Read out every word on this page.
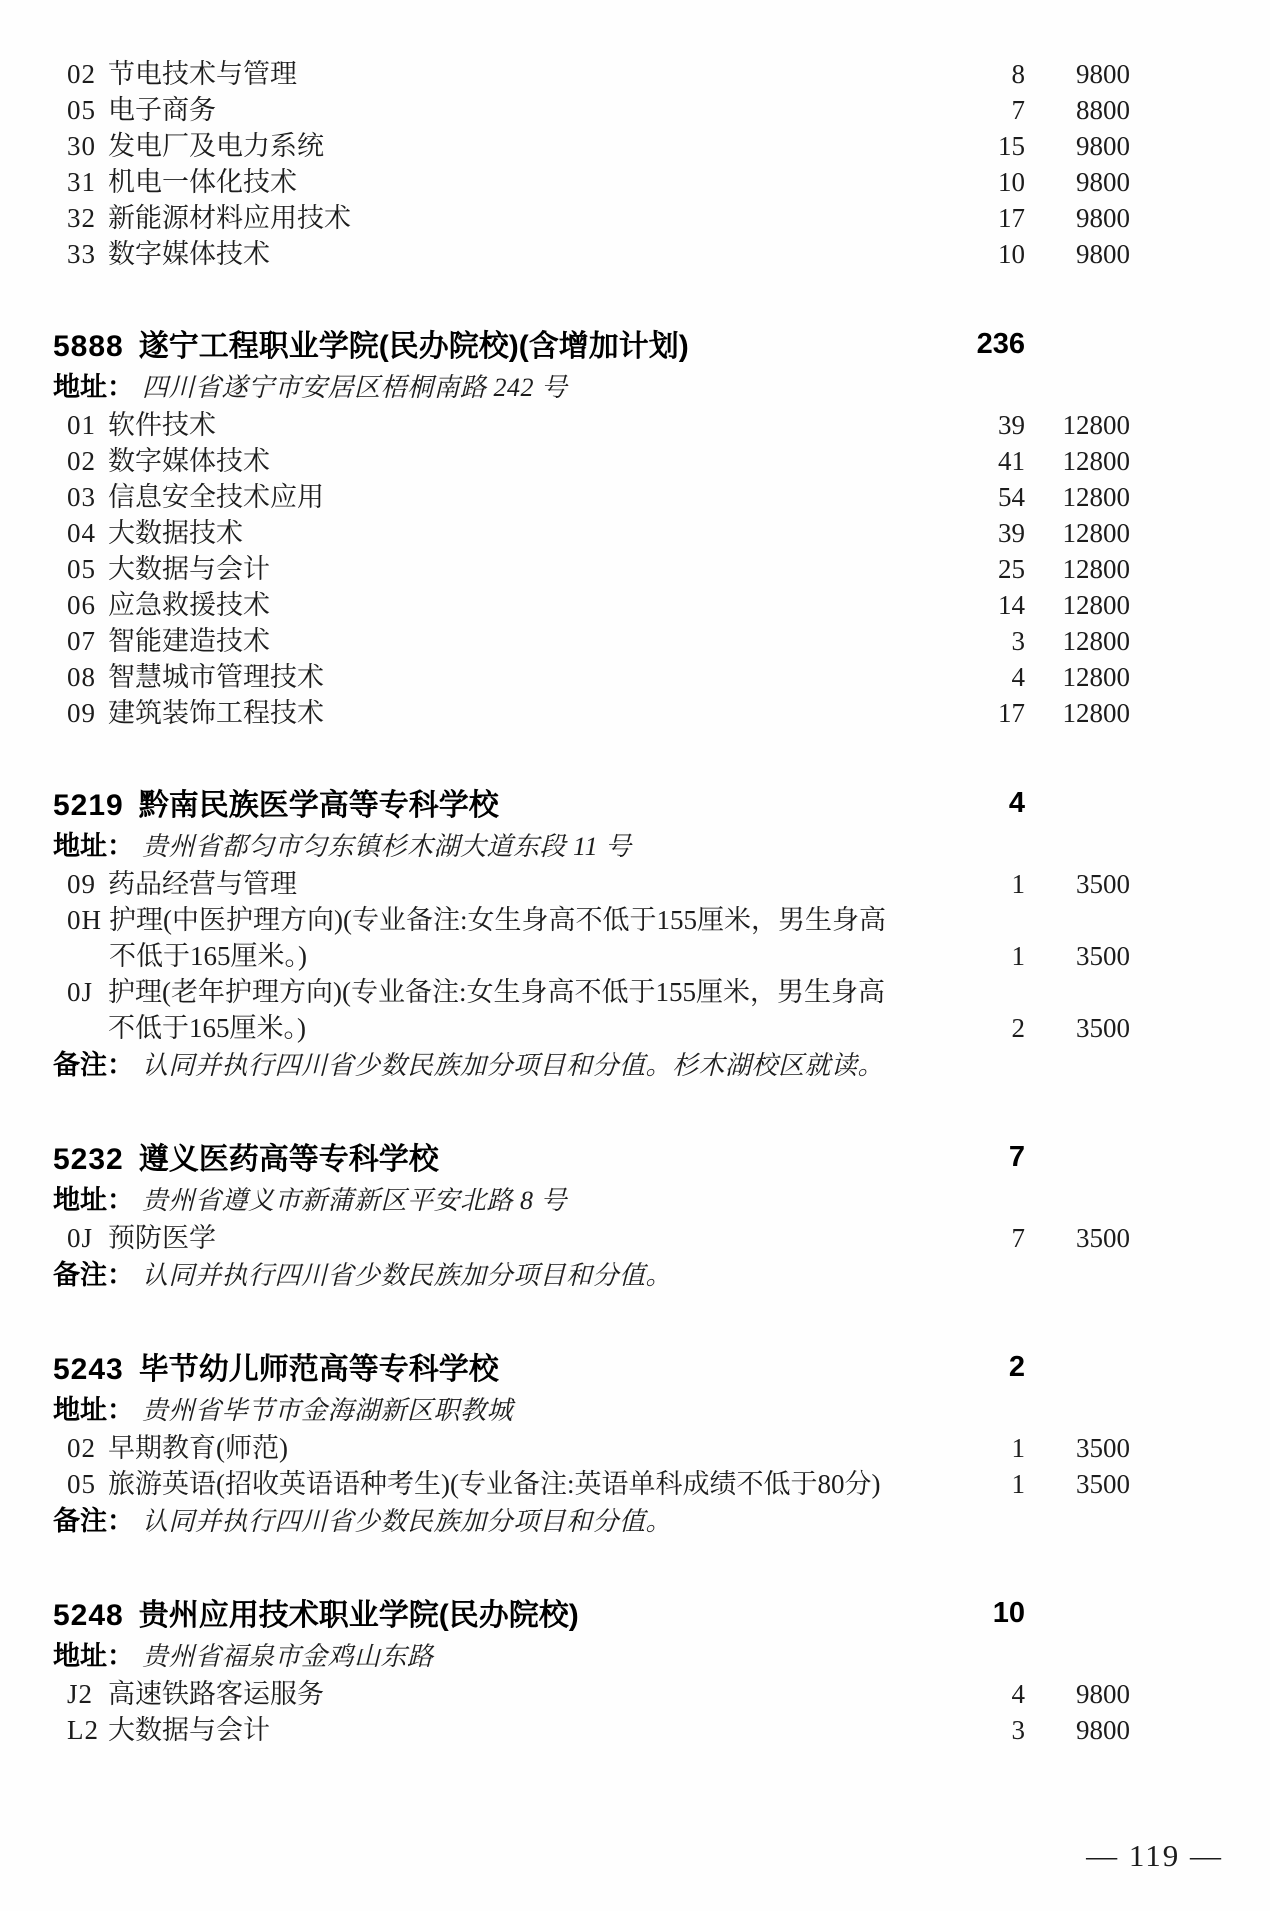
02 节电技术与管理	8	9800
05 电子商务	7	8800
30 发电厂及电力系统	15	9800
31 机电一体化技术	10	9800
32 新能源材料应用技术	17	9800
33 数字媒体技术	10	9800
5888 遂宁工程职业学院(民办院校)(含增加计划)	236
地址： 四川省遂宁市安居区梧桐南路 242 号
01 软件技术	39	12800
02 数字媒体技术	41	12800
03 信息安全技术应用	54	12800
04 大数据技术	39	12800
05 大数据与会计	25	12800
06 应急救援技术	14	12800
07 智能建造技术	3	12800
08 智慧城市管理技术	4	12800
09 建筑装饰工程技术	17	12800
5219 黔南民族医学高等专科学校	4
地址： 贵州省都匀市匀东镇杉木湖大道东段 11 号
09 药品经营与管理	1	3500
0H 护理(中医护理方向)(专业备注:女生身高不低于155厘米，男生身高不低于165厘米。)	1	3500
0J 护理(老年护理方向)(专业备注:女生身高不低于155厘米，男生身高不低于165厘米。)	2	3500
备注： 认同并执行四川省少数民族加分项目和分值。杉木湖校区就读。
5232 遵义医药高等专科学校	7
地址： 贵州省遵义市新蒲新区平安北路 8 号
0J 预防医学	7	3500
备注： 认同并执行四川省少数民族加分项目和分值。
5243 毕节幼儿师范高等专科学校	2
地址： 贵州省毕节市金海湖新区职教城
02 早期教育(师范)	1	3500
05 旅游英语(招收英语语种考生)(专业备注:英语单科成绩不低于80分)	1	3500
备注： 认同并执行四川省少数民族加分项目和分值。
5248 贵州应用技术职业学院(民办院校)	10
地址： 贵州省福泉市金鸡山东路
J2 高速铁路客运服务	4	9800
L2 大数据与会计	3	9800
— 119 —
